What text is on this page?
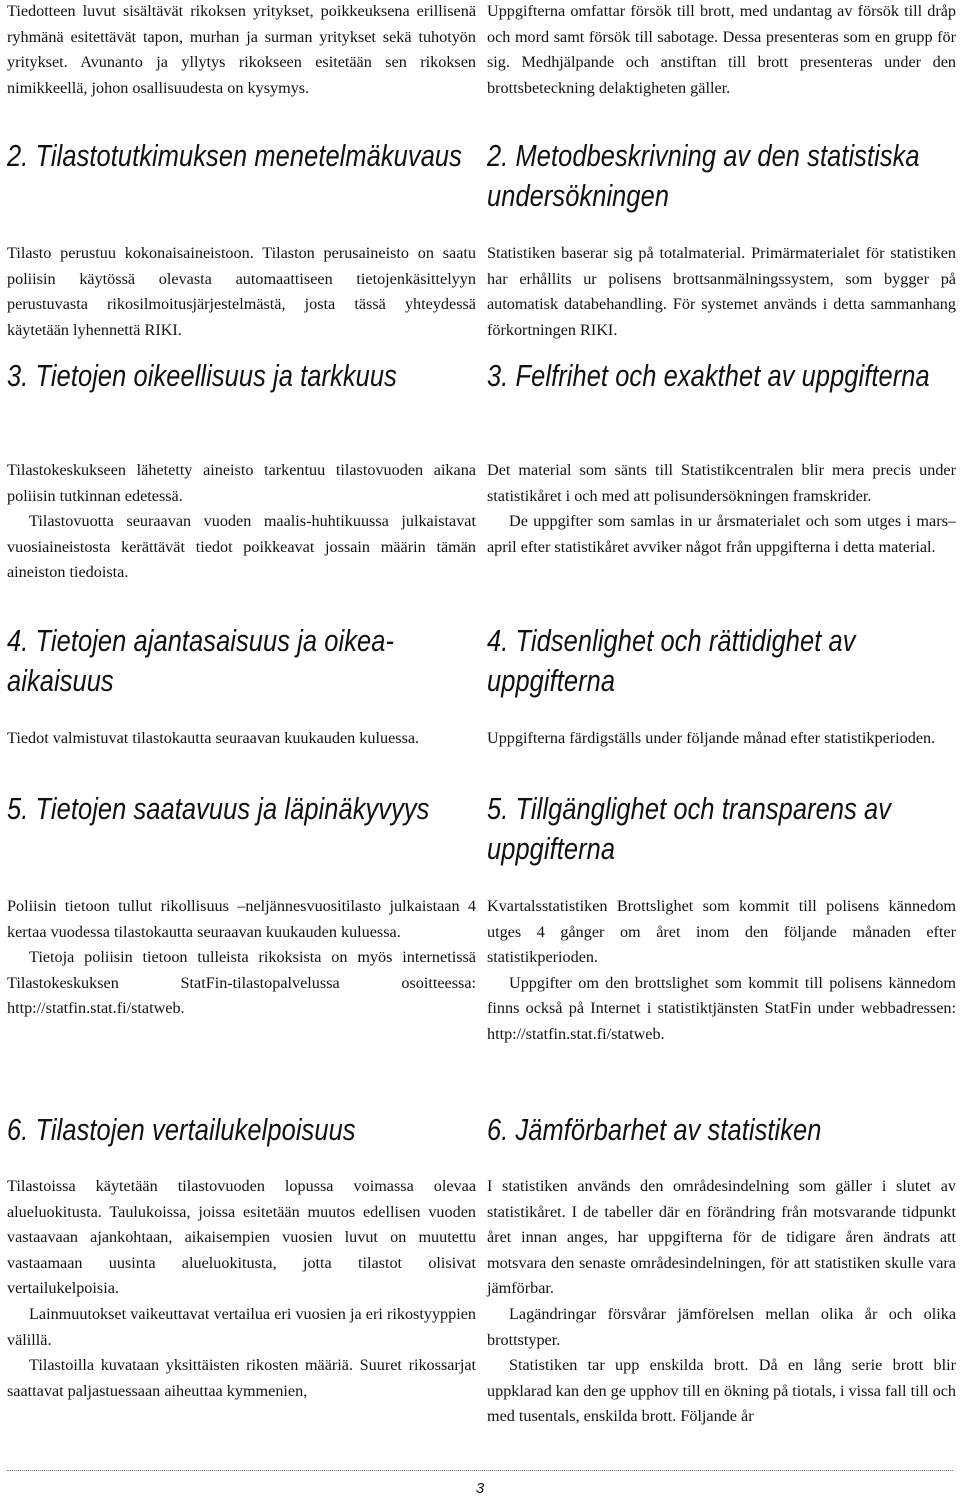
Tiedotteen luvut sisältävät rikoksen yritykset, poikkeuksena erillisenä ryhmänä esitettävät tapon, murhan ja surman yritykset sekä tuhotyön yritykset. Avunanto ja yllytys rikokseen esitetään sen rikoksen nimikkeellä, johon osallisuudesta on kysymys.

2. Tilastotutkimuksen menetelmäkuvaus

Tilasto perustuu kokonaisaineistoon. Tilaston perusaineisto on saatu poliisin käytössä olevasta automaattiseen tietojenkäsittelyyn perustuvasta rikosilmoitusjärjestelmästä, josta tässä yhteydessä käytetään lyhennettä RIKI.

3. Tietojen oikeellisuus ja tarkkuus

Tilastokeskukseen lähetetty aineisto tarkentuu tilastovuoden aikana poliisin tutkinnan edetessä.

Tilastovuotta seuraavan vuoden maalis-huhtikuussa julkaistavat vuosiaineistosta kerättävät tiedot poikkeavat jossain määrin tämän aineiston tiedoista.

4. Tietojen ajantasaisuus ja oikea-aikaisuus

Tiedot valmistuvat tilastokautta seuraavan kuukauden kuluessa.

5. Tietojen saatavuus ja läpinäkyvyys

Poliisin tietoon tullut rikollisuus –neljännesvuositilasto julkaistaan 4 kertaa vuodessa tilastokautta seuraavan kuukauden kuluessa.

Tietoja poliisin tietoon tulleista rikoksista on myös internetissä Tilastokeskuksen StatFin-tilastopalvelussa osoitteessa: http://statfin.stat.fi/statweb.

6. Tilastojen vertailukelpoisuus

Tilastoissa käytetään tilastovuoden lopussa voimassa olevaa alueluokitusta. Taulukoissa, joissa esitetään muutos edellisen vuoden vastaavaan ajankohtaan, aikaisempien vuosien luvut on muutettu vastaamaan uusinta alueluokitusta, jotta tilastot olisivat vertailukelpoisia.

Lainmuutokset vaikeuttavat vertailua eri vuosien ja eri rikostyyppien välillä.

Tilastoilla kuvataan yksittäisten rikosten määriä. Suuret rikossarjat saattavat paljastuessaan aiheuttaa kymmenien,

Uppgifterna omfattar försök till brott, med undantag av försök till dråp och mord samt försök till sabotage. Dessa presenteras som en grupp för sig. Medhjälpande och anstiftan till brott presenteras under den brottsbeteckning delaktigheten gäller.

2. Metodbeskrivning av den statistiska undersökningen

Statistiken baserar sig på totalmaterial. Primärmaterialet för statistiken har erhållits ur polisens brottsanmälningssystem, som bygger på automatisk databehandling. För systemet används i detta sammanhang förkortningen RIKI.

3. Felfrihet och exakthet av uppgifterna

Det material som sänts till Statistikcentralen blir mera precis under statistikåret i och med att polisundersökningen framskrider.

De uppgifter som samlas in ur årsmaterialet och som utges i mars–april efter statistikåret avviker något från uppgifterna i detta material.

4. Tidsenlighet och rättidighet av uppgifterna

Uppgifterna färdigställs under följande månad efter statistikperioden.

5. Tillgänglighet och transparens av uppgifterna

Kvartalsstatistiken Brottslighet som kommit till polisens kännedom utges 4 gånger om året inom den följande månaden efter statistikperioden.

Uppgifter om den brottslighet som kommit till polisens kännedom finns också på Internet i statistiktjänsten StatFin under webbadressen: http://statfin.stat.fi/statweb.

6. Jämförbarhet av statistiken

I statistiken används den områdesindelning som gäller i slutet av statistikåret. I de tabeller där en förändring från motsvarande tidpunkt året innan anges, har uppgifterna för de tidigare åren ändrats att motsvara den senaste områdesindelningen, för att statistiken skulle vara jämförbar.

Lagändringar försvårar jämförelsen mellan olika år och olika brottstyper.

Statistiken tar upp enskilda brott. Då en lång serie brott blir uppklarad kan den ge upphov till en ökning på tiotals, i vissa fall till och med tusentals, enskilda brott. Följande år

3
